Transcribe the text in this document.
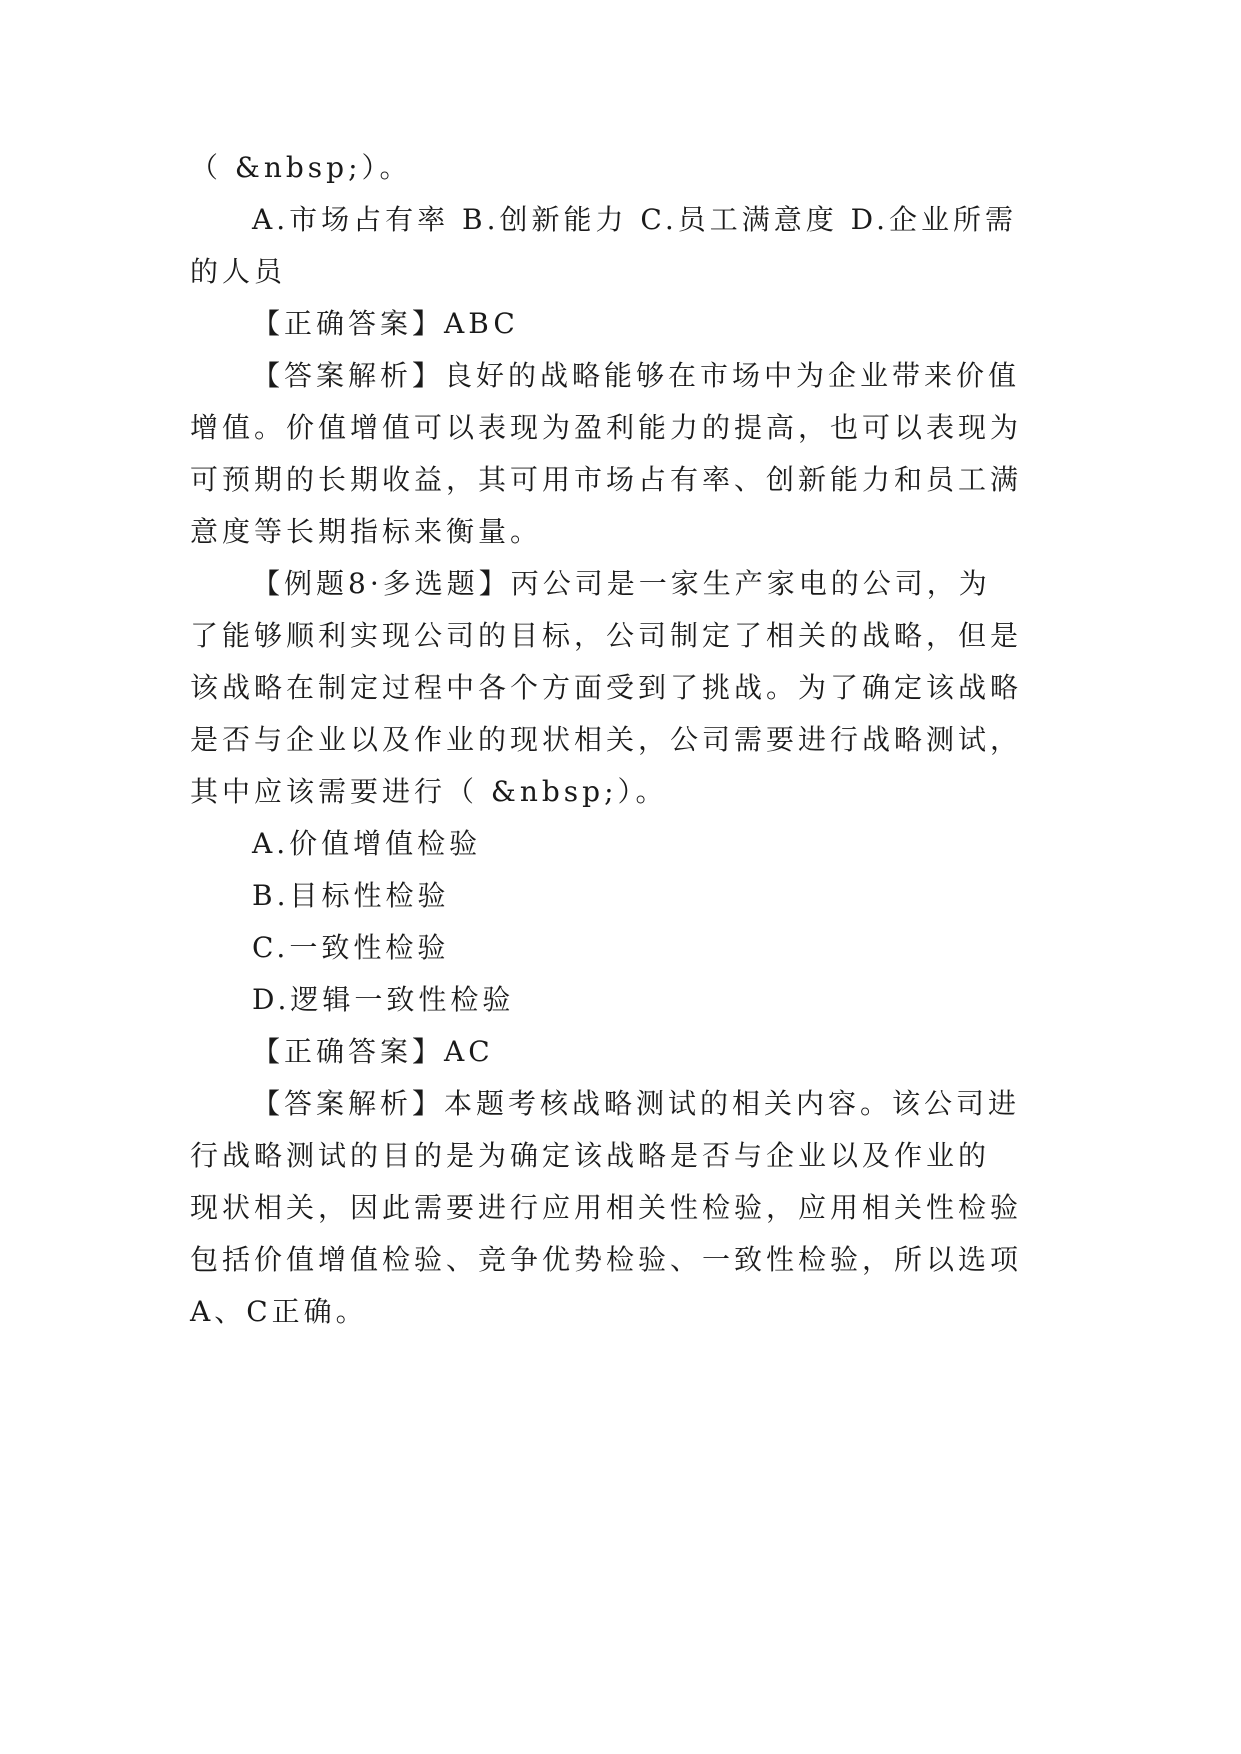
（ &nbsp;）。
A.市场占有率 B.创新能力 C.员工满意度 D.企业所需
的人员
【正确答案】ABC
【答案解析】良好的战略能够在市场中为企业带来价值
增值。价值增值可以表现为盈利能力的提高，也可以表现为
可预期的长期收益，其可用市场占有率、创新能力和员工满
意度等长期指标来衡量。
【例题8·多选题】丙公司是一家生产家电的公司，为
了能够顺利实现公司的目标，公司制定了相关的战略，但是
该战略在制定过程中各个方面受到了挑战。为了确定该战略
是否与企业以及作业的现状相关，公司需要进行战略测试，
其中应该需要进行（ &nbsp;）。
A.价值增值检验
B.目标性检验
C.一致性检验
D.逻辑一致性检验
【正确答案】AC
【答案解析】本题考核战略测试的相关内容。该公司进
行战略测试的目的是为确定该战略是否与企业以及作业的
现状相关，因此需要进行应用相关性检验，应用相关性检验
包括价值增值检验、竞争优势检验、一致性检验，所以选项
A、C正确。
